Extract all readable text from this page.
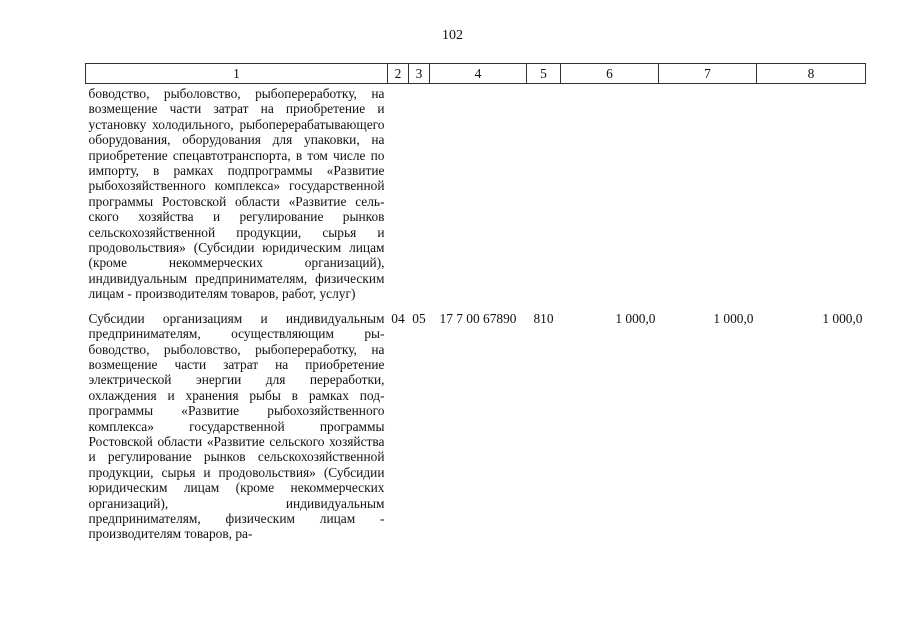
102
1	2	3	4	5	6	7	8
боводство, рыболовство, рыбопереработку, на возмещение части затрат на приобретение и установку холодильного, рыбоперерабатывающего оборудования, оборудования для упаковки, на приобретение спецавтотранспорта, в том числе по импорту, в рамках подпрограммы «Развитие рыбохозяйственного комплекса» государственной программы Ростовской области «Развитие сельского хозяйства и регулирование рынков сельскохозяйственной продукции, сырья и продовольствия» (Субсидии юридическим лицам (кроме некоммерческих организаций), индивидуальным предпринимателям, физическим лицам - производителям товаров, работ, услуг)							
Субсидии организациям и индивидуальным предпринимателям, осуществляющим рыбоводство, рыболовство, рыбопереработку, на возмещение части затрат на приобретение электрической энергии для переработки, охлаждения и хранения рыбы в рамках подпрограммы «Развитие рыбохозяйственного комплекса» государственной программы Ростовской области «Развитие сельского хозяйства и регулирование рынков сельскохозяйственной продукции, сырья и продовольствия» (Субсидии юридическим лицам (кроме некоммерческих организаций), индивидуальным предпринимателям, физическим лицам - производителям товаров, ра-	04	05	17 7 00 67890	810	1 000,0	1 000,0	1 000,0
